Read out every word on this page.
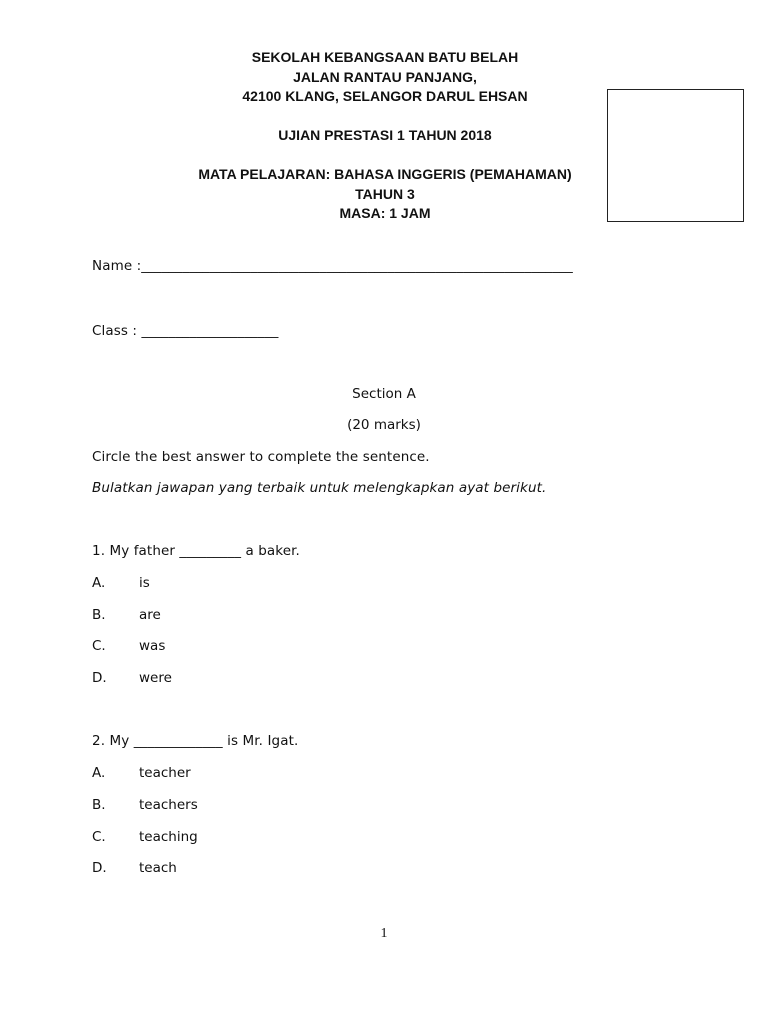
SEKOLAH KEBANGSAAN BATU BELAH
JALAN RANTAU PANJANG,
42100 KLANG, SELANGOR DARUL EHSAN
UJIAN PRESTASI 1 TAHUN 2018
MATA PELAJARAN: BAHASA INGGERIS (PEMAHAMAN)
TAHUN 3
MASA: 1 JAM
Name :_______________________________________________________________
Class : ____________________
Section A
(20 marks)
Circle the best answer to complete the sentence.
Bulatkan jawapan yang terbaik untuk melengkapkan ayat berikut.
1. My father _________ a baker.
A. is
B. are
C. was
D. were
2. My _____________ is Mr. Igat.
A. teacher
B. teachers
C. teaching
D. teach
1
